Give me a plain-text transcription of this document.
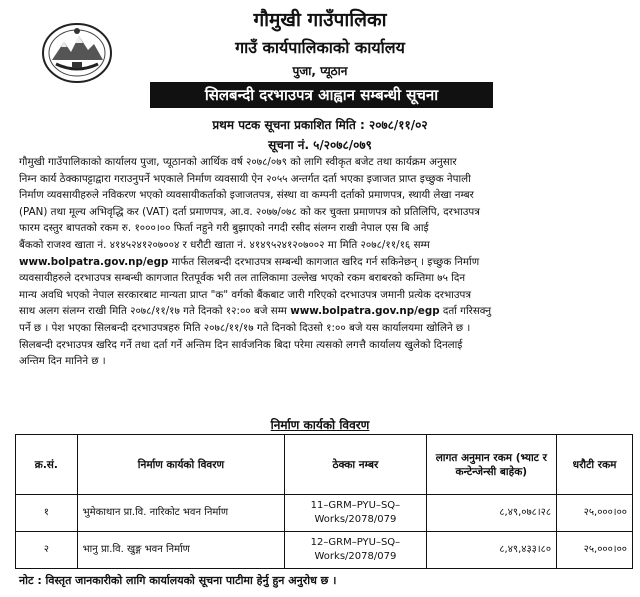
गौमुखी गाउँपालिका
गाउँ कार्यपालिकाको कार्यालय
पुजा, प्यूठान
सिलबन्दी दरभाउपत्र आह्वान सम्बन्धी सूचना
प्रथम पटक सूचना प्रकाशित मिति : २०७८/११/०२
सूचना नं. ५/२०७८/०७९

गौमुखी गाउँपालिकाको कार्यालय पुजा, प्यूठानको आर्थिक वर्ष २०७८/०७९ को लागि स्वीकृत बजेट तथा कार्यक्रम अनुसार

निम्न कार्य ठेक्कापट्टाद्वारा गराउनुपर्ने भएकाले निर्माण व्यवसायी ऐन २०५५ अन्तर्गत दर्ता भएका इजाजत प्राप्त इच्छुक नेपाली

निर्माण व्यवसायीहरुले नविकरण भएको व्यवसायीकर्ताको इजाजतपत्र, संस्था वा कम्पनी दर्ताको प्रमाणपत्र, स्थायी लेखा नम्बर

(PAN) तथा मूल्य अभिवृद्धि कर (VAT) दर्ता प्रमाणपत्र, आ.व. २०७७/०७८ को कर चुक्ता प्रमाणपत्र को प्रतिलिपि, दरभाउपत्र

फारम दस्तुर बापतको रकम रु. १०००।०० फिर्ता नहुने गरी बुझाएको नगदी रसीद संलग्न राखी नेपाल एस बि आई

बैंकको राजश्व खाता नं. ४१४५२४१२०७००४ र धरौटी खाता नं. ४१४९५२४१२०७००२ मा मिति २०७८/११/१६ सम्म

www.bolpatra.gov.np/egp मार्फत सिलबन्दी दरभाउपत्र सम्बन्धी कागजात खरिद गर्न सकिनेछन् । इच्छुक निर्माण

व्यवसायीहरुले दरभाउपत्र सम्बन्धी कागजात रितपूर्वक भरी तल तालिकामा उल्लेख भएको रकम बराबरको कम्तिमा ७५ दिन

मान्य अवधि भएको नेपाल सरकारबाट मान्यता प्राप्त "क" वर्गको बैंकबाट जारी गरिएको दरभाउपत्र जमानी प्रत्येक दरभाउपत्र

साथ अलग संलग्न राखी मिति २०७८/११/१७ गते दिनको १२:०० बजे सम्म www.bolpatra.gov.np/egp दर्ता गरिसक्नु

पर्ने छ । पेश भएका सिलबन्दी दरभाउपत्रहरु मिति २०७८/११/१७ गते दिनको दिउसो १:०० बजे यस कार्यालयमा खोलिने छ ।

सिलबन्दी दरभाउपत्र खरिद गर्ने तथा दर्ता गर्ने अन्तिम दिन सार्वजनिक बिदा परेमा त्यसको लगत्तै कार्यालय खुलेको दिनलाई

अन्तिम दिन मानिने छ ।

निर्माण कार्यको विवरण
क्र.सं.	निर्माण कार्यको विवरण	ठेक्का नम्बर	लागत अनुमान रकम (भ्याट र कन्टेन्जेन्सी बाहेक)	धरौटी रकम
१	भुमेकाथान प्रा.वि. नारिकोट भवन निर्माण	11–GRM–PYU–SQ–
Works/2078/079	८,४९,०७८।२८	२५,०००।००
२	भानु प्रा.वि. खुङ्ग भवन निर्माण	12–GRM–PYU–SQ–
Works/2078/079	८,४९,४३३।८०	२५,०००।००
नोट : विस्तृत जानकारीको लागि कार्यालयको सूचना पाटीमा हेर्नु हुन अनुरोध छ ।
